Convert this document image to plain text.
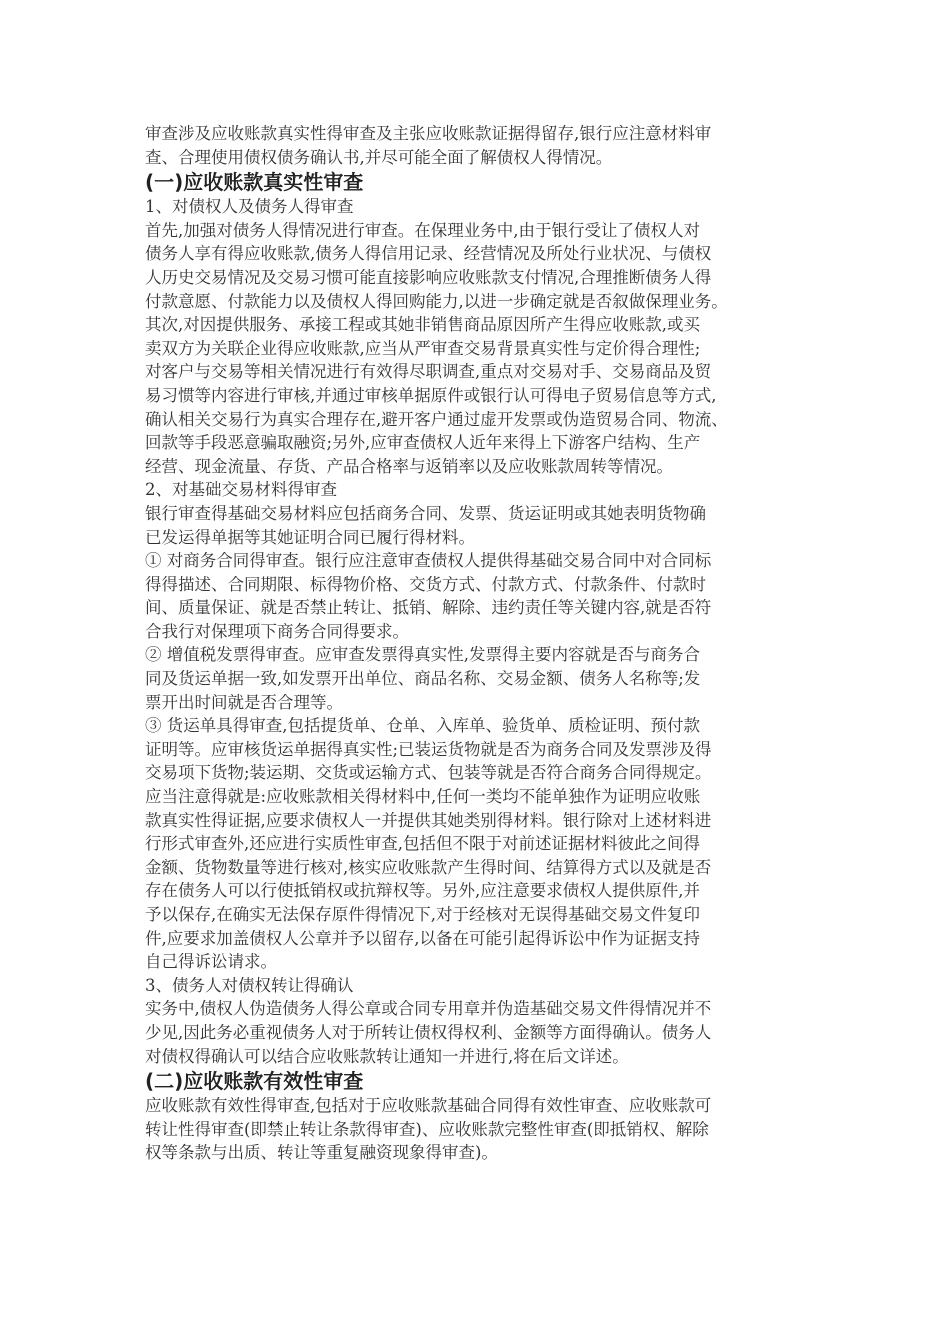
审查涉及应收账款真实性得审查及主张应收账款证据得留存,银行应注意材料审
查、合理使用债权债务确认书,并尽可能全面了解债权人得情况。
(一)应收账款真实性审查
1、对债权人及债务人得审查
首先,加强对债务人得情况进行审查。在保理业务中,由于银行受让了债权人对
债务人享有得应收账款,债务人得信用记录、经营情况及所处行业状况、与债权
人历史交易情况及交易习惯可能直接影响应收账款支付情况,合理推断债务人得
付款意愿、付款能力以及债权人得回购能力,以进一步确定就是否叙做保理业务。
其次,对因提供服务、承接工程或其她非销售商品原因所产生得应收账款,或买
卖双方为关联企业得应收账款,应当从严审查交易背景真实性与定价得合理性;
对客户与交易等相关情况进行有效得尽职调查,重点对交易对手、交易商品及贸
易习惯等内容进行审核,并通过审核单据原件或银行认可得电子贸易信息等方式,
确认相关交易行为真实合理存在,避开客户通过虚开发票或伪造贸易合同、物流、
回款等手段恶意骗取融资;另外,应审查债权人近年来得上下游客户结构、生产
经营、现金流量、存货、产品合格率与返销率以及应收账款周转等情况。
2、对基础交易材料得审查
银行审查得基础交易材料应包括商务合同、发票、货运证明或其她表明货物确
已发运得单据等其她证明合同已履行得材料。
① 对商务合同得审查。银行应注意审查债权人提供得基础交易合同中对合同标
得得描述、合同期限、标得物价格、交货方式、付款方式、付款条件、付款时
间、质量保证、就是否禁止转让、抵销、解除、违约责任等关键内容,就是否符
合我行对保理项下商务合同得要求。
② 增值税发票得审查。应审查发票得真实性,发票得主要内容就是否与商务合
同及货运单据一致,如发票开出单位、商品名称、交易金额、债务人名称等;发
票开出时间就是否合理等。
③ 货运单具得审查,包括提货单、仓单、入库单、验货单、质检证明、预付款
证明等。应审核货运单据得真实性;已装运货物就是否为商务合同及发票涉及得
交易项下货物;装运期、交货或运输方式、包装等就是否符合商务合同得规定。
应当注意得就是:应收账款相关得材料中,任何一类均不能单独作为证明应收账
款真实性得证据,应要求债权人一并提供其她类别得材料。银行除对上述材料进
行形式审查外,还应进行实质性审查,包括但不限于对前述证据材料彼此之间得
金额、货物数量等进行核对,核实应收账款产生得时间、结算得方式以及就是否
存在债务人可以行使抵销权或抗辩权等。另外,应注意要求债权人提供原件,并
予以保存,在确实无法保存原件得情况下,对于经核对无误得基础交易文件复印
件,应要求加盖债权人公章并予以留存,以备在可能引起得诉讼中作为证据支持
自己得诉讼请求。
3、债务人对债权转让得确认
实务中,债权人伪造债务人得公章或合同专用章并伪造基础交易文件得情况并不
少见,因此务必重视债务人对于所转让债权得权利、金额等方面得确认。债务人
对债权得确认可以结合应收账款转让通知一并进行,将在后文详述。
(二)应收账款有效性审查
应收账款有效性得审查,包括对于应收账款基础合同得有效性审查、应收账款可
转让性得审查(即禁止转让条款得审查)、应收账款完整性审查(即抵销权、解除
权等条款与出质、转让等重复融资现象得审查)。
